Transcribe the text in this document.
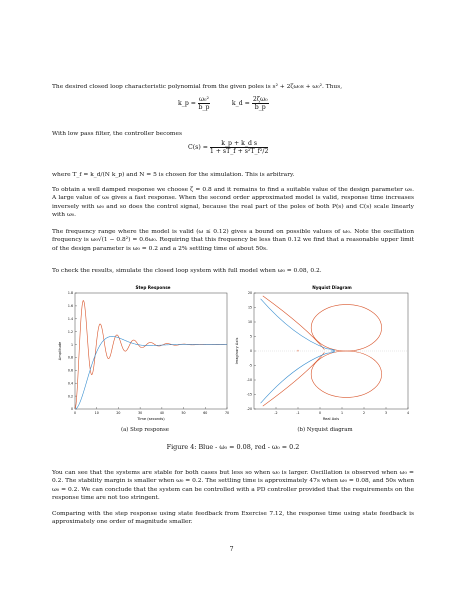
The desired closed loop characteristic polynomial from the given poles is s² + 2ζω₀s + ω₀². Thus,
k_p = $\frac{\text{ω₀²}}{b\_p}$	k_d = $\frac{\text{2ζω₀}}{b\_p}$
With low pass filter, the controller becomes
$C(s) = \frac{\text{k\_p + k\_d s}}{\text{1 + sT\_f + s²T\_f²/2}}$
where T_f = k_d/(N k_p) and N = 5 is chosen for the simulation. This is arbitrary.
To obtain a well damped response we choose ζ = 0.8 and it remains to find a suitable value of the design parameter ω₀. A large value of ω₀ gives a fast response. When the second order approximated model is valid, response time increases inversely with ω₀ and so does the control signal, because the real part of the poles of both P(s) and C(s) scale linearly with ω₀.
The frequency range where the model is valid (ω ≤ 0.12) gives a bound on possible values of ω₀. Note the oscillation frequency is ω₀√(1 − 0.8²) = 0.6ω₀. Requiring that this frequency be less than 0.12 we find that a reasonable upper limit of the design parameter is ω₀ = 0.2 and a 2% settling time of about 50s.
To check the results, simulate the closed loop system with full model when ω₀ = 0.08, 0.2.
Step Response
0
0.2
0.4
0.6
0.8
1
1.2
1.4
1.6
1.8
0	10	20	30	40	50	60	70
Time (seconds)
Amplitude
Nyquist Diagram
-20
-15
-10
-5
0
5
10
15
20
-2	-1	0	1	2	3	4
+
Real Axis
Imaginary Axis
(a) Step response	(b) Nyquist diagram
Figure 4: Blue - ω₀ = 0.08, red - ω₀ = 0.2
You can see that the systems are stable for both cases but less so when ω₀ is larger. Oscillation is observed when ω₀ = 0.2. The stability margin is smaller when ω₀ = 0.2. The settling time is approximately 47s when ω₀ = 0.08, and 50s when ω₀ = 0.2. We can conclude that the system can be controlled with a PD controller provided that the requirements on the response time are not too stringent.
Comparing with the step response using state feedback from Exercise 7.12, the response time using state feedback is approximately one order of magnitude smaller.
7
